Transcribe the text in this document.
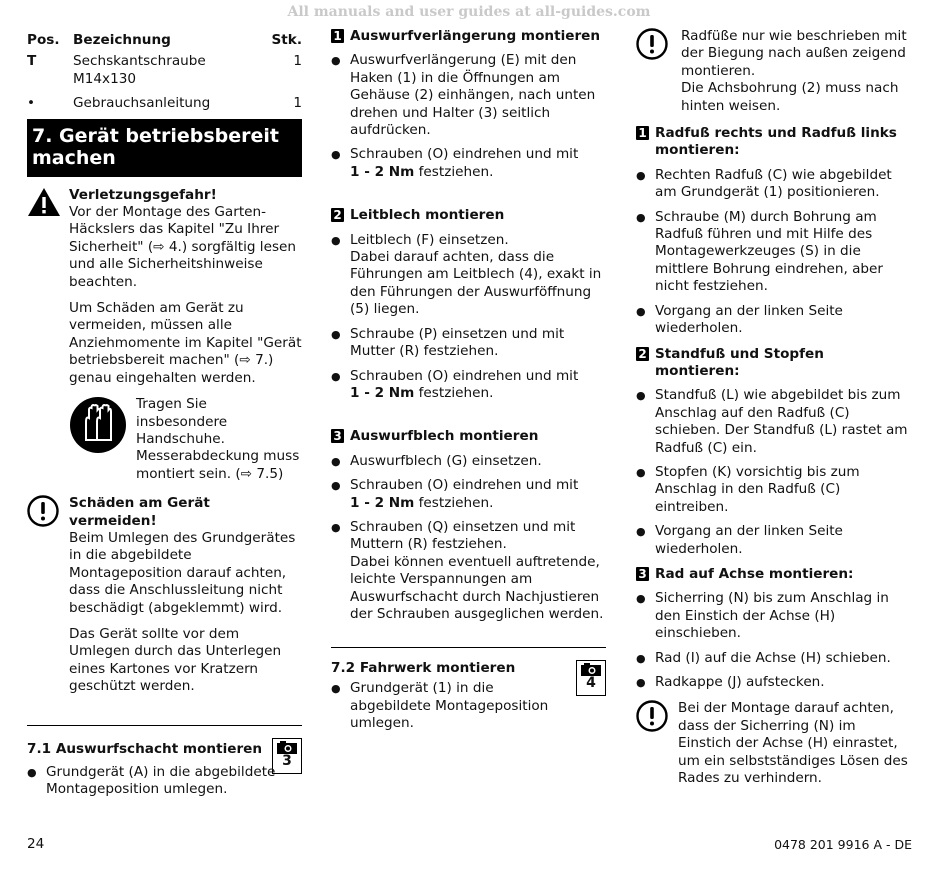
All manuals and user guides at all-guides.com
Pos.	Bezeichnung	Stk.
T	Sechskantschraube M14x130	1
•	Gebrauchsanleitung	1
7. Gerät betriebsbereit machen

Verletzungsgefahr!

Vor der Montage des Garten-Häckslers das Kapitel "Zu Ihrer Sicherheit" (⇨ 4.) sorgfältig lesen und alle Sicherheitshinweise beachten.

Um Schäden am Gerät zu vermeiden, müssen alle Anziehmomente im Kapitel "Gerät betriebsbereit machen" (⇨ 7.) genau eingehalten werden.

Tragen Sie insbesondere Handschuhe. Messerabdeckung muss montiert sein. (⇨ 7.5)

Schäden am Gerät vermeiden!

Beim Umlegen des Grundgerätes in die abgebildete Montageposition darauf achten, dass die Anschlussleitung nicht beschädigt (abgeklemmt) wird.

Das Gerät sollte vor dem Umlegen durch das Unterlegen eines Kartones vor Kratzern geschützt werden.

7.1 Auswurfschacht montieren
3
● Grundgerät (A) in die abgebildete Montageposition umlegen.
1 Auswurfverlängerung montieren
● Auswurfverlängerung (E) mit den Haken (1) in die Öffnungen am Gehäuse (2) einhängen, nach unten drehen und Halter (3) seitlich aufdrücken.
● Schrauben (O) eindrehen und mit
1 - 2 Nm festziehen.
2 Leitblech montieren
● Leitblech (F) einsetzen.
Dabei darauf achten, dass die Führungen am Leitblech (4), exakt in den Führungen der Auswurföffnung (5) liegen.
● Schraube (P) einsetzen und mit Mutter (R) festziehen.
● Schrauben (O) eindrehen und mit
1 - 2 Nm festziehen.
3 Auswurfblech montieren
● Auswurfblech (G) einsetzen.
● Schrauben (O) eindrehen und mit
1 - 2 Nm festziehen.
● Schrauben (Q) einsetzen und mit Muttern (R) festziehen.
Dabei können eventuell auftretende, leichte Verspannungen am Auswurfschacht durch Nachjustieren der Schrauben ausgeglichen werden.
7.2 Fahrwerk montieren
4
● Grundgerät (1) in die abgebildete Montageposition umlegen.

Radfüße nur wie beschrieben mit der Biegung nach außen zeigend montieren.

Die Achsbohrung (2) muss nach hinten weisen.

1 Radfuß rechts und Radfuß links montieren:
● Rechten Radfuß (C) wie abgebildet am Grundgerät (1) positionieren.
● Schraube (M) durch Bohrung am Radfuß führen und mit Hilfe des Montagewerkzeuges (S) in die mittlere Bohrung eindrehen, aber nicht festziehen.
● Vorgang an der linken Seite wiederholen.
2 Standfuß und Stopfen montieren:
● Standfuß (L) wie abgebildet bis zum Anschlag auf den Radfuß (C) schieben. Der Standfuß (L) rastet am Radfuß (C) ein.
● Stopfen (K) vorsichtig bis zum Anschlag in den Radfuß (C) eintreiben.
● Vorgang an der linken Seite wiederholen.
3 Rad auf Achse montieren:
● Sicherring (N) bis zum Anschlag in den Einstich der Achse (H) einschieben.
● Rad (I) auf die Achse (H) schieben.
● Radkappe (J) aufstecken.

Bei der Montage darauf achten, dass der Sicherring (N) im Einstich der Achse (H) einrastet, um ein selbstständiges Lösen des Rades zu verhindern.

24	0478 201 9916 A - DE
